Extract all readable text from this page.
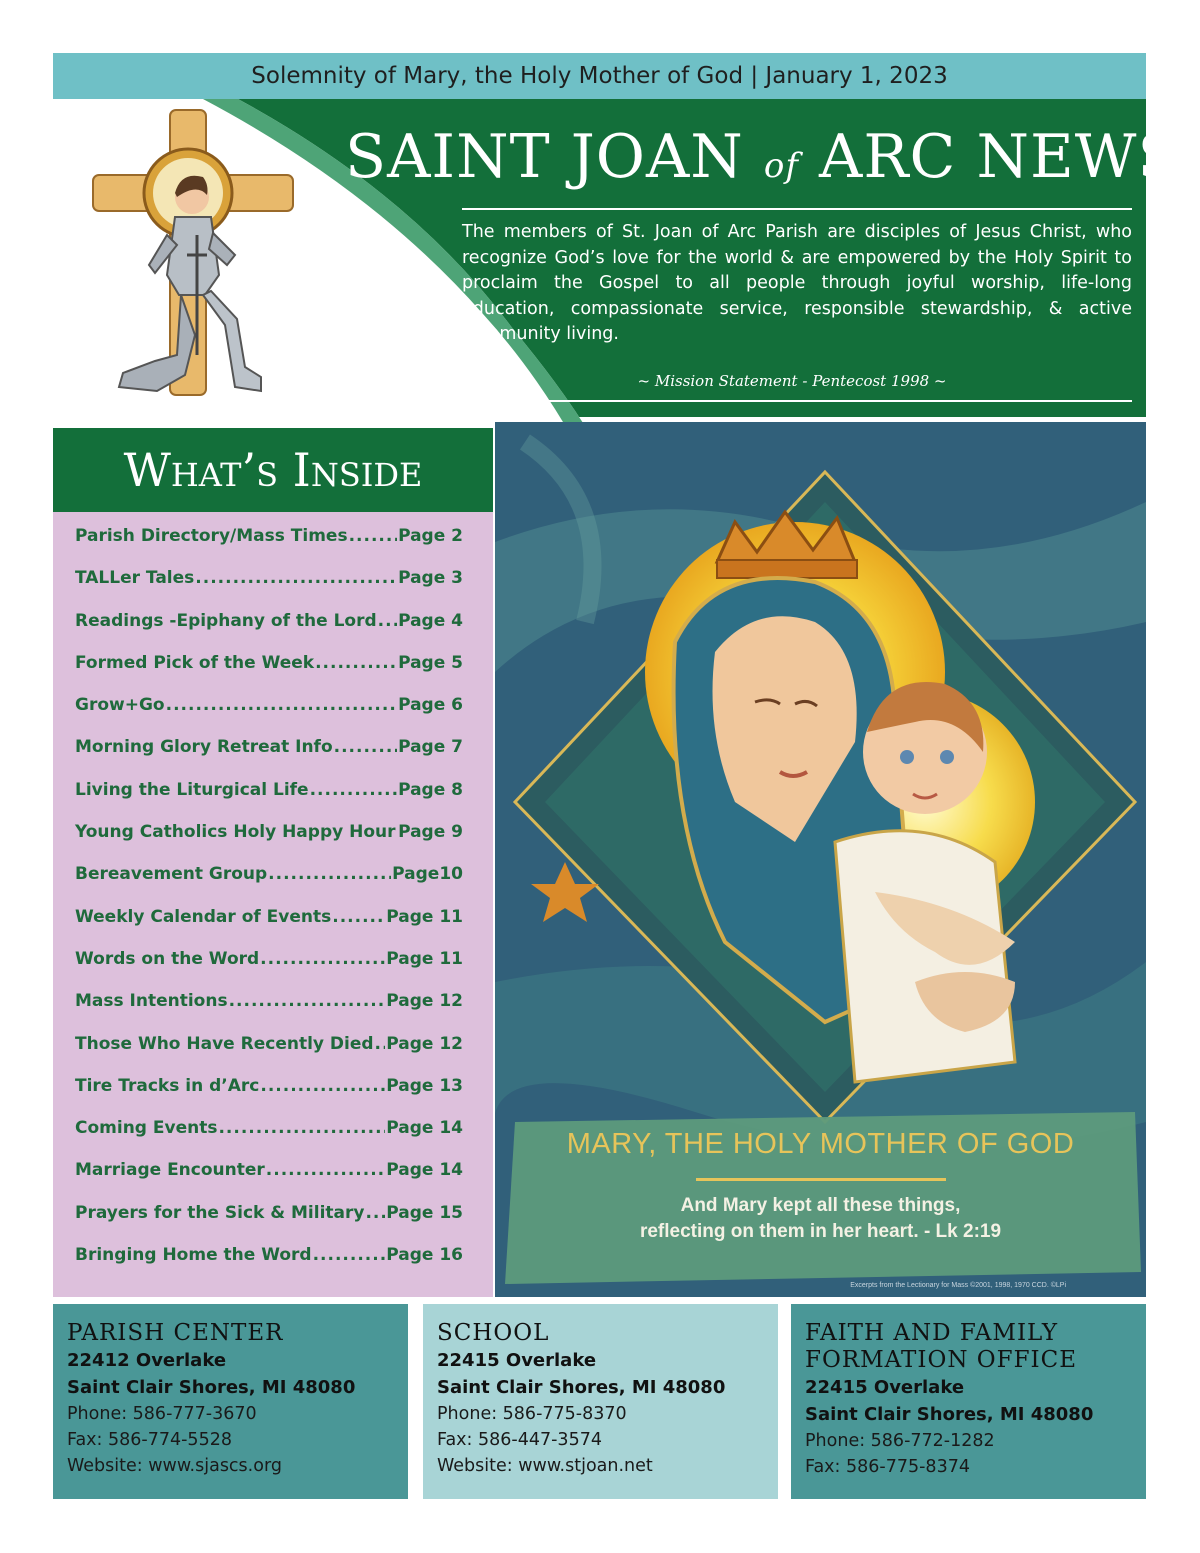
Solemnity of Mary, the Holy Mother of God | January 1, 2023
SAINT JOAN of ARC NEWS

The members of St. Joan of Arc Parish are disciples of Jesus Christ, who recognize God’s love for the world & are empowered by the Holy Spirit to proclaim the Gospel to all people through joyful worship, life-long education, compassionate service, responsible stewardship, & active community living.

~ Mission Statement - Pentecost 1998 ~
What’s Inside
Parish Directory/Mass Times .....	Page 2
TALLer Tales .....	Page 3
Readings -Epiphany of the Lord ..... Page 4
Formed Pick of the Week .....	Page 5
Grow+Go .....	Page 6
Morning Glory Retreat Info .....	Page 7
Living the Liturgical Life .....	Page 8
Young Catholics Holy Happy Hour ..... Page 9
Bereavement Group .....	Page10
Weekly Calendar of Events .....	Page 11
Words on the Word .....	Page 11
Mass Intentions .....	Page 12
Those Who Have Recently Died ..... Page 12
Tire Tracks in d’Arc .....	Page 13
Coming Events .....	Page 14
Marriage Encounter .....	Page 14
Prayers for the Sick & Military ..... Page 15
Bringing Home the Word .....	Page 16
MARY, THE HOLY MOTHER OF GOD
And Mary kept all these things,
reflecting on them in her heart. - Lk 2:19
Excerpts from the Lectionary for Mass ©2001, 1998, 1970 CCD. ©LPi
PARISH CENTER
22412 Overlake
Saint Clair Shores, MI 48080
Phone: 586-777-3670
Fax: 586-774-5528
Website: www.sjascs.org
SCHOOL
22415 Overlake
Saint Clair Shores, MI 48080
Phone: 586-775-8370
Fax: 586-447-3574
Website: www.stjoan.net
FAITH AND FAMILY
FORMATION OFFICE
22415 Overlake
Saint Clair Shores, MI 48080
Phone: 586-772-1282
Fax: 586-775-8374
